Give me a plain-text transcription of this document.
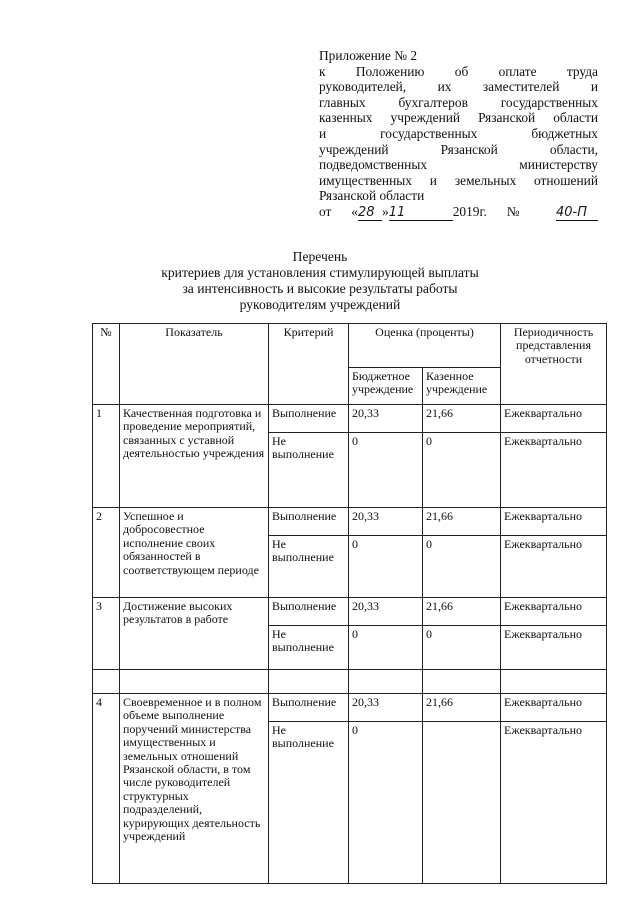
Приложение № 2
к Положению об оплате труда
руководителей, их заместителей и
главных бухгалтеров государственных
казенных учреждений Рязанской области
и государственных бюджетных
учреждений Рязанской области,
подведомственных министерству
имущественных и земельных отношений
Рязанской области
от «28 »11	2019г. № 40-П
Перечень
критериев для установления стимулирующей выплаты
за интенсивность и высокие результаты работы
руководителям учреждений
№	Показатель	Критерий	Оценка (проценты)		Периодичность представления отчетности
			Бюджетное учреждение	Казенное учреждение	
1	Качественная подготовка и проведение мероприятий, связанных с уставной деятельностью учреждения	Выполнение	20,33	21,66	Ежеквартально
		Не выполнение	0	0	Ежеквартально
2	Успешное и добросовестное исполнение своих обязанностей в соответствующем периоде	Выполнение	20,33	21,66	Ежеквартально
		Не выполнение	0	0	Ежеквартально
3	Достижение высоких результатов в работе	Выполнение	20,33	21,66	Ежеквартально
		Не выполнение	0	0	Ежеквартально

4	Своевременное и в полном объеме выполнение поручений министерства имущественных и земельных отношений Рязанской области, в том числе руководителей структурных подразделений, курирующих деятельность учреждений	Выполнение	20,33	21,66	Ежеквартально
		Не выполнение	0		Ежеквартально
